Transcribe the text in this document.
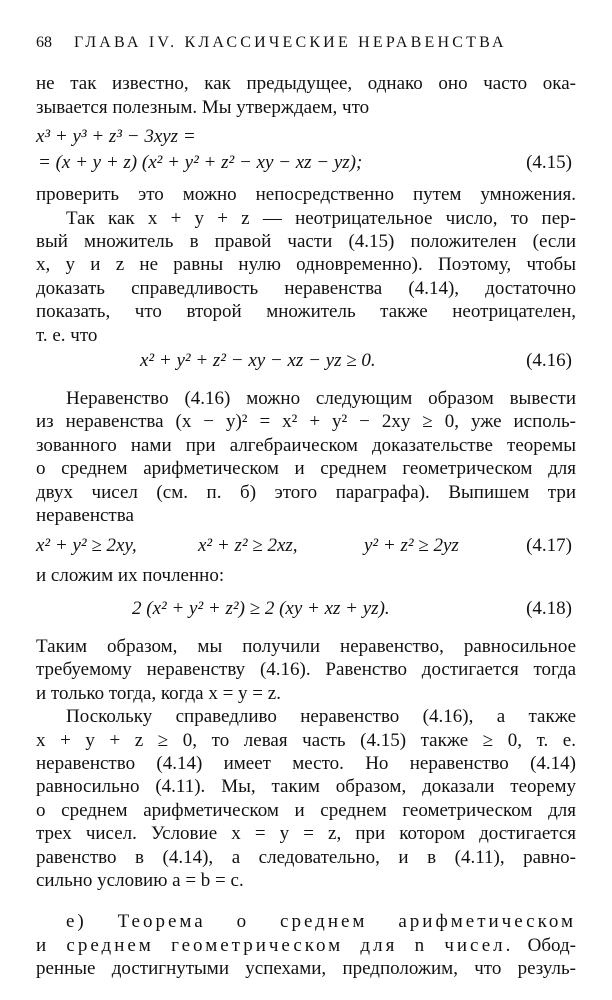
68 ГЛАВА IV. КЛАССИЧЕСКИЕ НЕРАВЕНСТВА

не так известно, как предыдущее, однако оно часто ока-

зывается полезным. Мы утверждаем, что

x³ + y³ + z³ − 3xyz =
= (x + y + z) (x² + y² + z² − xy − xz − yz);	(4.15)

проверить это можно непосредственно путем умножения.

Так как x + y + z — неотрицательное число, то пер-

вый множитель в правой части (4.15) положителен (если

x, y и z не равны нулю одновременно). Поэтому, чтобы

доказать справедливость неравенства (4.14), достаточно

показать, что второй множитель также неотрицателен,

т. е. что

x² + y² + z² − xy − xz − yz ≥ 0.	(4.16)

Неравенство (4.16) можно следующим образом вывести

из неравенства (x − y)² = x² + y² − 2xy ≥ 0, уже исполь-

зованного нами при алгебраическом доказательстве теоремы

о среднем арифметическом и среднем геометрическом для

двух чисел (см. п. б) этого параграфа). Выпишем три

неравенства

x² + y² ≥ 2xy,	x² + z² ≥ 2xz,	y² + z² ≥ 2yz	(4.17)

и сложим их почленно:

2 (x² + y² + z²) ≥ 2 (xy + xz + yz).	(4.18)

Таким образом, мы получили неравенство, равносильное

требуемому неравенству (4.16). Равенство достигается тогда

и только тогда, когда x = y = z.

Поскольку справедливо неравенство (4.16), а также

x + y + z ≥ 0, то левая часть (4.15) также ≥ 0, т. е.

неравенство (4.14) имеет место. Но неравенство (4.14)

равносильно (4.11). Мы, таким образом, доказали теорему

о среднем арифметическом и среднем геометрическом для

трех чисел. Условие x = y = z, при котором достигается

равенство в (4.14), а следовательно, и в (4.11), равно-

сильно условию a = b = c.

е) Теорема о среднем арифметическом

и среднем геометрическом для n чисел. Обод-

ренные достигнутыми успехами, предположим, что резуль-
